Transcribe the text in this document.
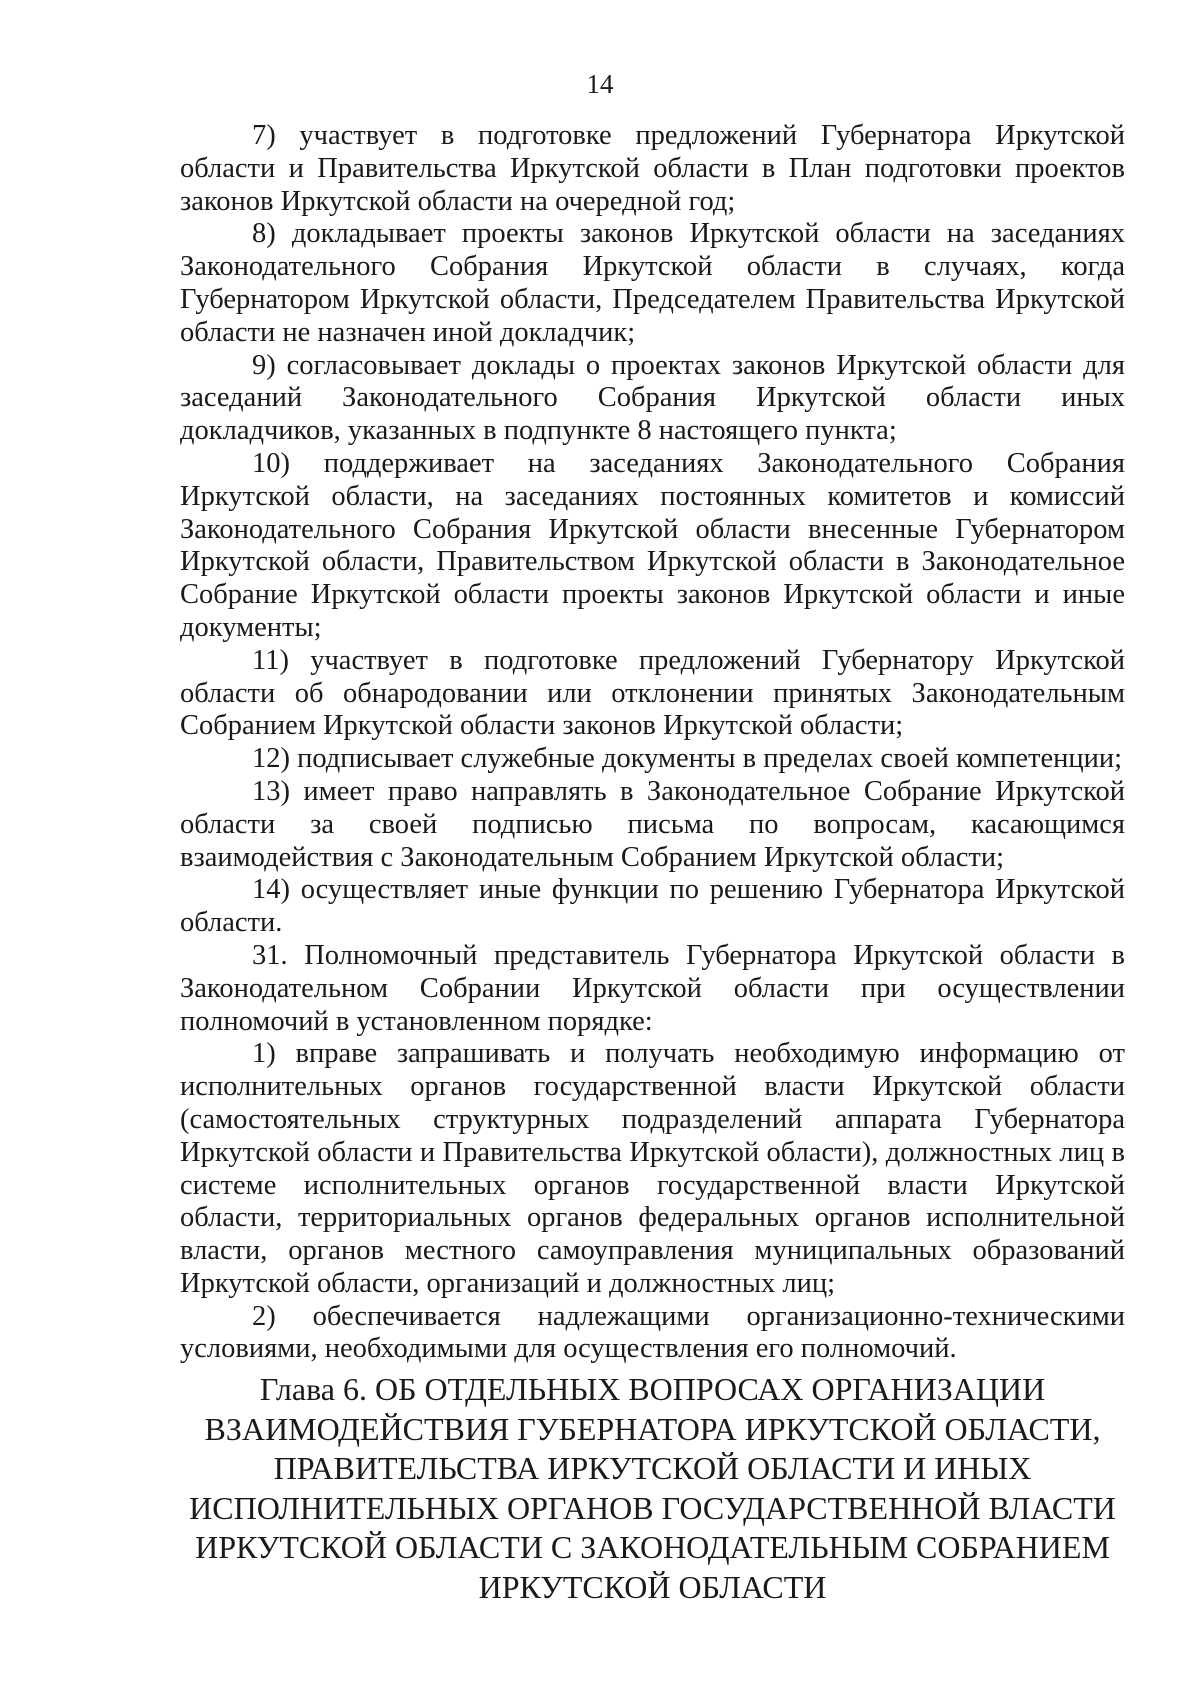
14

7) участвует в подготовке предложений Губернатора Иркутской области и Правительства Иркутской области в План подготовки проектов законов Иркутской области на очередной год;

8) докладывает проекты законов Иркутской области на заседаниях Законодательного Собрания Иркутской области в случаях, когда Губернатором Иркутской области, Председателем Правительства Иркутской области не назначен иной докладчик;

9) согласовывает доклады о проектах законов Иркутской области для заседаний Законодательного Собрания Иркутской области иных докладчиков, указанных в подпункте 8 настоящего пункта;

10) поддерживает на заседаниях Законодательного Собрания Иркутской области, на заседаниях постоянных комитетов и комиссий Законодательного Собрания Иркутской области внесенные Губернатором Иркутской области, Правительством Иркутской области в Законодательное Собрание Иркутской области проекты законов Иркутской области и иные документы;

11) участвует в подготовке предложений Губернатору Иркутской области об обнародовании или отклонении принятых Законодательным Собранием Иркутской области законов Иркутской области;

12) подписывает служебные документы в пределах своей компетенции;

13) имеет право направлять в Законодательное Собрание Иркутской области за своей подписью письма по вопросам, касающимся взаимодействия с Законодательным Собранием Иркутской области;

14) осуществляет иные функции по решению Губернатора Иркутской области.

31. Полномочный представитель Губернатора Иркутской области в Законодательном Собрании Иркутской области при осуществлении полномочий в установленном порядке:

1) вправе запрашивать и получать необходимую информацию от исполнительных органов государственной власти Иркутской области (самостоятельных структурных подразделений аппарата Губернатора Иркутской области и Правительства Иркутской области), должностных лиц в системе исполнительных органов государственной власти Иркутской области, территориальных органов федеральных органов исполнительной власти, органов местного самоуправления муниципальных образований Иркутской области, организаций и должностных лиц;

2) обеспечивается надлежащими организационно-техническими условиями, необходимыми для осуществления его полномочий.

Глава 6. ОБ ОТДЕЛЬНЫХ ВОПРОСАХ ОРГАНИЗАЦИИ
ВЗАИМОДЕЙСТВИЯ ГУБЕРНАТОРА ИРКУТСКОЙ ОБЛАСТИ,
ПРАВИТЕЛЬСТВА ИРКУТСКОЙ ОБЛАСТИ И ИНЫХ
ИСПОЛНИТЕЛЬНЫХ ОРГАНОВ ГОСУДАРСТВЕННОЙ ВЛАСТИ
ИРКУТСКОЙ ОБЛАСТИ С ЗАКОНОДАТЕЛЬНЫМ СОБРАНИЕМ
ИРКУТСКОЙ ОБЛАСТИ
